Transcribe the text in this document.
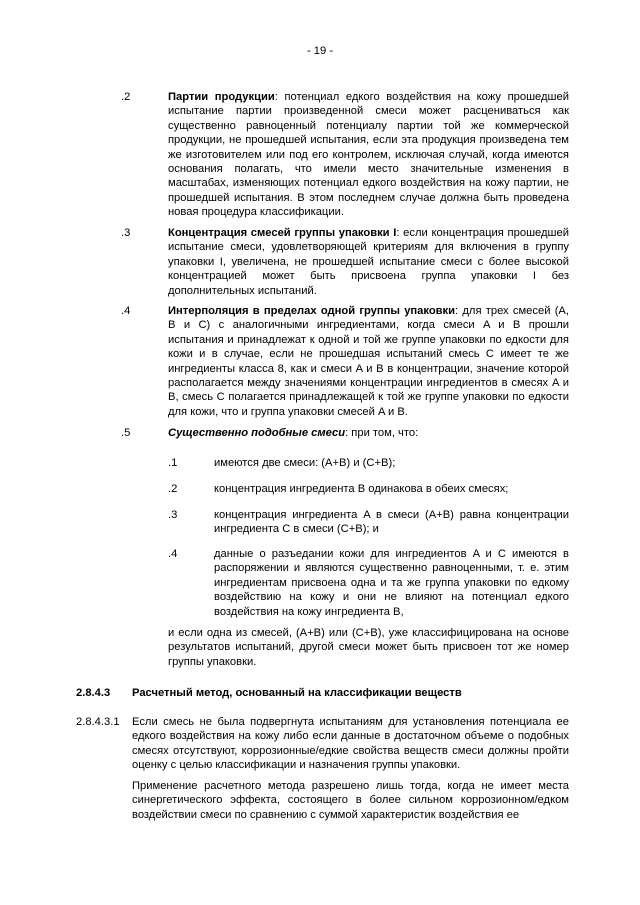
- 19 -
.2	Партии продукции: потенциал едкого воздействия на кожу прошедшей испытание партии произведенной смеси может расцениваться как существенно равноценный потенциалу партии той же коммерческой продукции, не прошедшей испытания, если эта продукция произведена тем же изготовителем или под его контролем, исключая случай, когда имеются основания полагать, что имели место значительные изменения в масштабах, изменяющих потенциал едкого воздействия на кожу партии, не прошедшей испытания. В этом последнем случае должна быть проведена новая процедура классификации.
.3	Концентрация смесей группы упаковки I: если концентрация прошедшей испытание смеси, удовлетворяющей критериям для включения в группу упаковки I, увеличена, не прошедшей испытание смеси с более высокой концентрацией может быть присвоена группа упаковки I без дополнительных испытаний.
.4	Интерполяция в пределах одной группы упаковки: для трех смесей (A, B и C) с аналогичными ингредиентами, когда смеси A и B прошли испытания и принадлежат к одной и той же группе упаковки по едкости для кожи и в случае, если не прошедшая испытаний смесь C имеет те же ингредиенты класса 8, как и смеси A и B в концентрации, значение которой располагается между значениями концентрации ингредиентов в смесях A и B, смесь C полагается принадлежащей к той же группе упаковки по едкости для кожи, что и группа упаковки смесей A и B.
.5	Существенно подобные смеси: при том, что:
.1	имеются две смеси: (A+B) и (C+B);
.2	концентрация ингредиента B одинакова в обеих смесях;
.3	концентрация ингредиента A в смеси (A+B) равна концентрации ингредиента C в смеси (C+B); и
.4	данные о разъедании кожи для ингредиентов A и C имеются в распоряжении и являются существенно равноценными, т. е. этим ингредиентам присвоена одна и та же группа упаковки по едкому воздействию на кожу и они не влияют на потенциал едкого воздействия на кожу ингредиента B,
и если одна из смесей, (A+B) или (C+B), уже классифицирована на основе результатов испытаний, другой смеси может быть присвоен тот же номер группы упаковки.
2.8.4.3 Расчетный метод, основанный на классификации веществ
2.8.4.3.1 Если смесь не была подвергнута испытаниям для установления потенциала ее едкого воздействия на кожу либо если данные в достаточном объеме о подобных смесях отсутствуют, коррозионные/едкие свойства веществ смеси должны пройти оценку с целью классификации и назначения группы упаковки.
Применение расчетного метода разрешено лишь тогда, когда не имеет места синергетического эффекта, состоящего в более сильном коррозионном/едком воздействии смеси по сравнению с суммой характеристик воздействия ее
